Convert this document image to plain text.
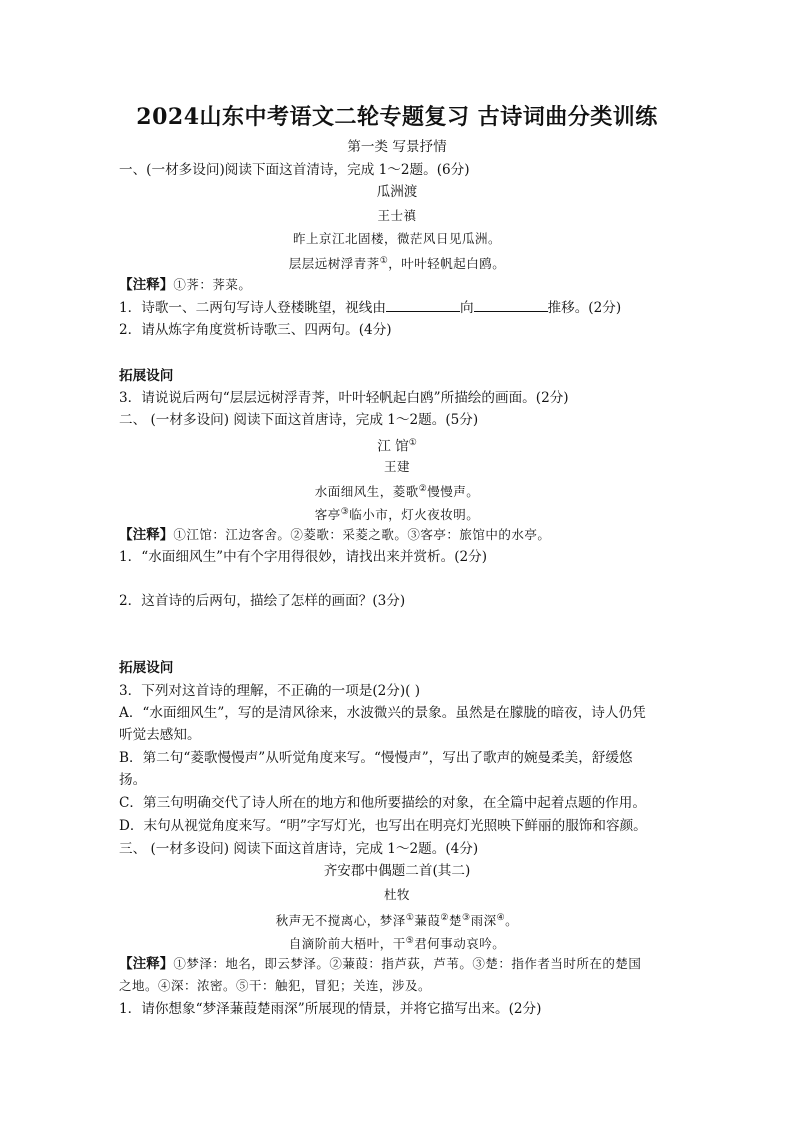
2024山东中考语文二轮专题复习 古诗词曲分类训练
第一类 写景抒情
一、(一材多设问)阅读下面这首清诗，完成 1～2题。(6分)
瓜洲渡
王士禛
昨上京江北固楼，微茫风日见瓜洲。
层层远树浮青荠①，叶叶轻帆起白鸥。
【注释】①荠：荠菜。
1．诗歌一、二两句写诗人登楼眺望，视线由	向	推移。(2分)
2．请从炼字角度赏析诗歌三、四两句。(4分)
拓展设问
3．请说说后两句“层层远树浮青荠，叶叶轻帆起白鸥”所描绘的画面。(2分)
二、 (一材多设问) 阅读下面这首唐诗，完成 1～2题。(5分)
江 馆①
王建
水面细风生，菱歌②慢慢声。
客亭③临小市，灯火夜妆明。
【注释】①江馆：江边客舍。②菱歌：采菱之歌。③客亭：旅馆中的水亭。
1．“水面细风生”中有个字用得很妙，请找出来并赏析。(2分)
2．这首诗的后两句，描绘了怎样的画面？(3分)
拓展设问
3．下列对这首诗的理解，不正确的一项是(2分)( )
A．“水面细风生”，写的是清风徐来，水波微兴的景象。虽然是在朦胧的暗夜，诗人仍凭
听觉去感知。
B．第二句“菱歌慢慢声”从听觉角度来写。“慢慢声”，写出了歌声的婉曼柔美，舒缓悠
扬。
C．第三句明确交代了诗人所在的地方和他所要描绘的对象，在全篇中起着点题的作用。
D．末句从视觉角度来写。“明”字写灯光，也写出在明亮灯光照映下鲜丽的服饰和容颜。
三、 (一材多设问) 阅读下面这首唐诗，完成 1～2题。(4分)
齐安郡中偶题二首(其二)
杜牧
秋声无不搅离心，梦泽①蒹葭②楚③雨深④。
自滴阶前大梧叶，干⑤君何事动哀吟。
【注释】①梦泽：地名，即云梦泽。②蒹葭：指芦荻，芦苇。③楚：指作者当时所在的楚国
之地。④深：浓密。⑤干：触犯，冒犯；关连，涉及。
1．请你想象“梦泽蒹葭楚雨深”所展现的情景，并将它描写出来。(2分)
